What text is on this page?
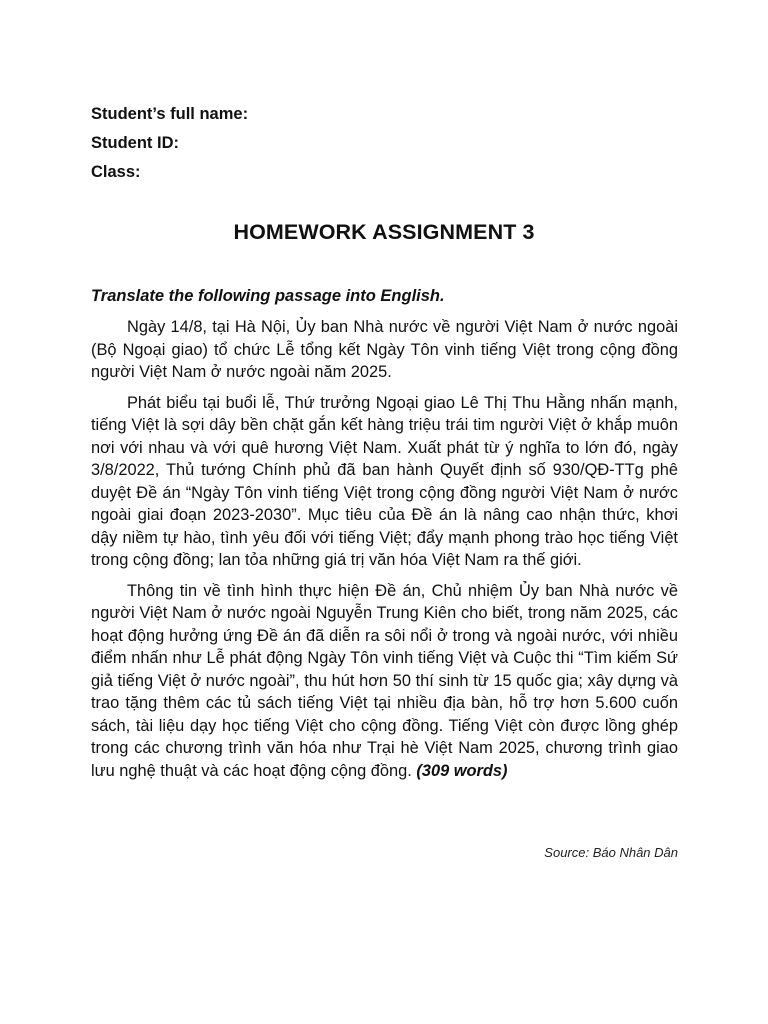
Student’s full name:
Student ID:
Class:
HOMEWORK ASSIGNMENT 3
Translate the following passage into English.

Ngày 14/8, tại Hà Nội, Ủy ban Nhà nước về người Việt Nam ở nước ngoài (Bộ Ngoại giao) tổ chức Lễ tổng kết Ngày Tôn vinh tiếng Việt trong cộng đồng người Việt Nam ở nước ngoài năm 2025.

Phát biểu tại buổi lễ, Thứ trưởng Ngoại giao Lê Thị Thu Hằng nhấn mạnh, tiếng Việt là sợi dây bền chặt gắn kết hàng triệu trái tim người Việt ở khắp muôn nơi với nhau và với quê hương Việt Nam. Xuất phát từ ý nghĩa to lớn đó, ngày 3/8/2022, Thủ tướng Chính phủ đã ban hành Quyết định số 930/QĐ-TTg phê duyệt Đề án “Ngày Tôn vinh tiếng Việt trong cộng đồng người Việt Nam ở nước ngoài giai đoạn 2023-2030”. Mục tiêu của Đề án là nâng cao nhận thức, khơi dậy niềm tự hào, tình yêu đối với tiếng Việt; đẩy mạnh phong trào học tiếng Việt trong cộng đồng; lan tỏa những giá trị văn hóa Việt Nam ra thế giới.

Thông tin về tình hình thực hiện Đề án, Chủ nhiệm Ủy ban Nhà nước về người Việt Nam ở nước ngoài Nguyễn Trung Kiên cho biết, trong năm 2025, các hoạt động hưởng ứng Đề án đã diễn ra sôi nổi ở trong và ngoài nước, với nhiều điểm nhấn như Lễ phát động Ngày Tôn vinh tiếng Việt và Cuộc thi “Tìm kiếm Sứ giả tiếng Việt ở nước ngoài”, thu hút hơn 50 thí sinh từ 15 quốc gia; xây dựng và trao tặng thêm các tủ sách tiếng Việt tại nhiều địa bàn, hỗ trợ hơn 5.600 cuốn sách, tài liệu dạy học tiếng Việt cho cộng đồng. Tiếng Việt còn được lồng ghép trong các chương trình văn hóa như Trại hè Việt Nam 2025, chương trình giao lưu nghệ thuật và các hoạt động cộng đồng. (309 words)

Source: Báo Nhân Dân
